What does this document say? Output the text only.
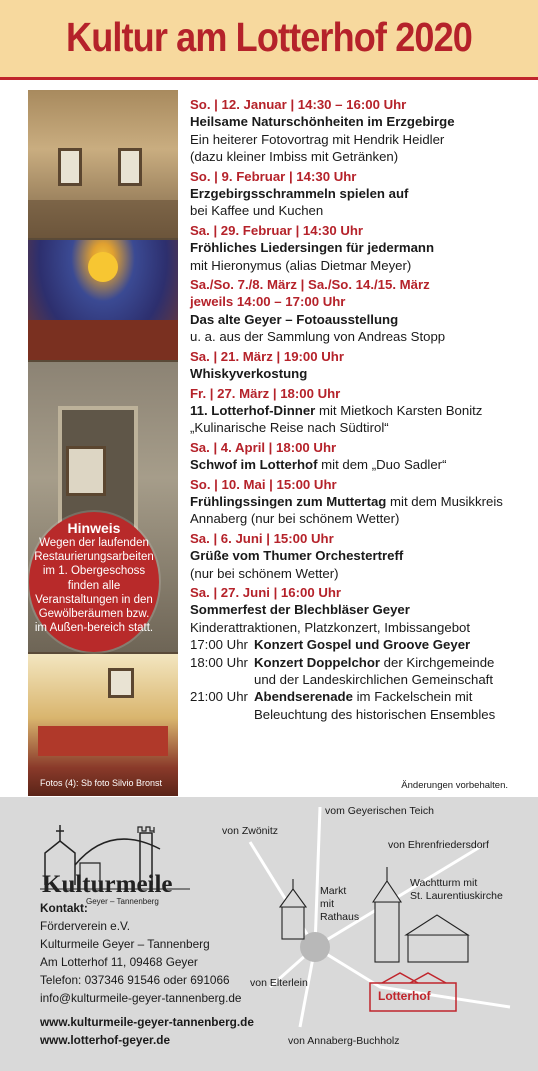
Kultur am Lotterhof 2020
Hinweis
Wegen der laufenden Restaurierungsarbeiten im 1. Obergeschoss finden alle Veranstaltungen in den Gewölberäumen bzw. im Außen-bereich statt.
Fotos (4): Sb foto Silvio Bronst
So. | 12. Januar | 14:30 – 16:00 Uhr
Heilsame Naturschönheiten im Erzgebirge
Ein heiterer Fotovortrag mit Hendrik Heidler
(dazu kleiner Imbiss mit Getränken)
So. | 9. Februar | 14:30 Uhr
Erzgebirgsschrammeln spielen auf
bei Kaffee und Kuchen
Sa. | 29. Februar | 14:30 Uhr
Fröhliches Liedersingen für jedermann
mit Hieronymus (alias Dietmar Meyer)
Sa./So. 7./8. März | Sa./So. 14./15. März
jeweils 14:00 – 17:00 Uhr
Das alte Geyer – Fotoausstellung
u. a. aus der Sammlung von Andreas Stopp
Sa. | 21. März | 19:00 Uhr
Whiskyverkostung
Fr. | 27. März | 18:00 Uhr
11. Lotterhof-Dinner mit Mietkoch Karsten Bonitz
„Kulinarische Reise nach Südtirol“
Sa. | 4. April | 18:00 Uhr
Schwof im Lotterhof mit dem „Duo Sadler“
So. | 10. Mai | 15:00 Uhr
Frühlingssingen zum Muttertag mit dem Musikkreis
Annaberg (nur bei schönem Wetter)
Sa. | 6. Juni | 15:00 Uhr
Grüße vom Thumer Orchestertreff
(nur bei schönem Wetter)
Sa. | 27. Juni | 16:00 Uhr
Sommerfest der Blechbläser Geyer
Kinderattraktionen, Platzkonzert, Imbissangebot
17:00 Uhr Konzert Gospel und Groove Geyer
18:00 Uhr Konzert Doppelchor der Kirchgemeinde
und der Landeskirchlichen Gemeinschaft
21:00 Uhr Abendserenade im Fackelschein mit
Beleuchtung des historischen Ensembles
Änderungen vorbehalten.
Kulturmeile
Geyer – Tannenberg
Kontakt:
Förderverein e.V.
Kulturmeile Geyer – Tannenberg
Am Lotterhof 11, 09468 Geyer
Telefon: 037346 91546 oder 691066
info@kulturmeile-geyer-tannenberg.de
www.kulturmeile-geyer-tannenberg.de
www.lotterhof-geyer.de
von Zwönitz
vom Geyerischen Teich
von Ehrenfriedersdorf
Markt
mit
Rathaus
Wachtturm mit
St. Laurentiuskirche
von Elterlein
Lotterhof
von Annaberg-Buchholz
